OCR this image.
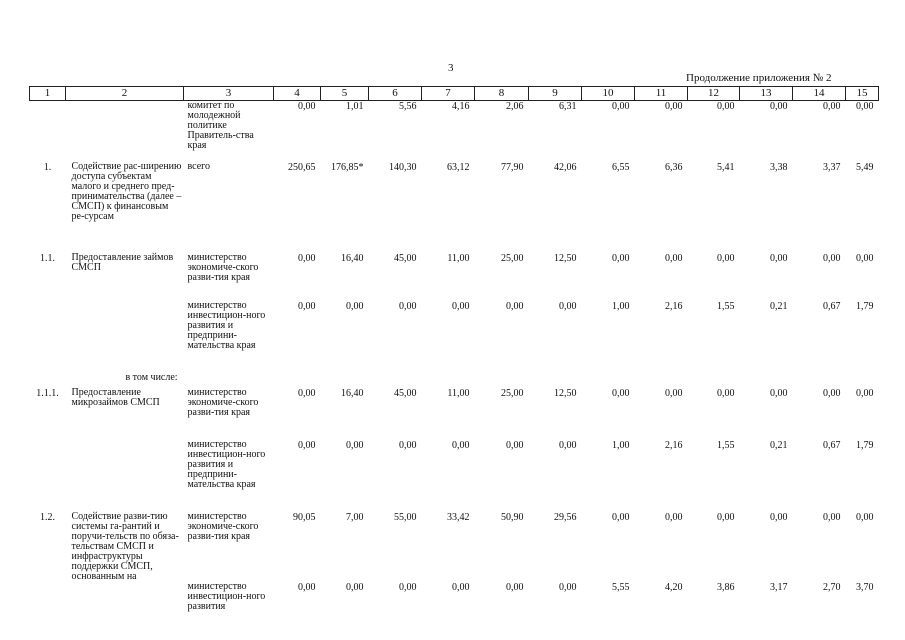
3
Продолжение приложения № 2
1	2	3	4	5	6	7	8	9	10	11	12	13	14	15
		комитет по молодежной политике Правитель-ства края	0,00	1,01	5,56	4,16	2,06	6,31	0,00	0,00	0,00	0,00	0,00	0,00
1.	Содействие рас-ширению доступа субъектам малого и среднего пред-принимательства (далее – СМСП) к финансовым ре-сурсам	всего	250,65	176,85*	140,30	63,12	77,90	42,06	6,55	6,36	5,41	3,38	3,37	5,49
1.1.	Предоставление займов СМСП	министерство экономиче-ского разви-тия края	0,00	16,40	45,00	11,00	25,00	12,50	0,00	0,00	0,00	0,00	0,00	0,00
		министерство инвестицион-ного развития и предприни-мательства края	0,00	0,00	0,00	0,00	0,00	0,00	1,00	2,16	1,55	0,21	0,67	1,79
в том числе:														
1.1.1.	Предоставление микрозаймов СМСП	министерство экономиче-ского разви-тия края	0,00	16,40	45,00	11,00	25,00	12,50	0,00	0,00	0,00	0,00	0,00	0,00
		министерство инвестицион-ного развития и предприни-мательства края	0,00	0,00	0,00	0,00	0,00	0,00	1,00	2,16	1,55	0,21	0,67	1,79
1.2.	Содействие разви-тию системы га-рантий и поручи-тельств по обяза-тельствам СМСП и инфраструктуры поддержки СМСП, основанным на	министерство экономиче-ского разви-тия края	90,05	7,00	55,00	33,42	50,90	29,56	0,00	0,00	0,00	0,00	0,00	0,00
		министерство инвестицион-ного развития	0,00	0,00	0,00	0,00	0,00	0,00	5,55	4,20	3,86	3,17	2,70	3,70
